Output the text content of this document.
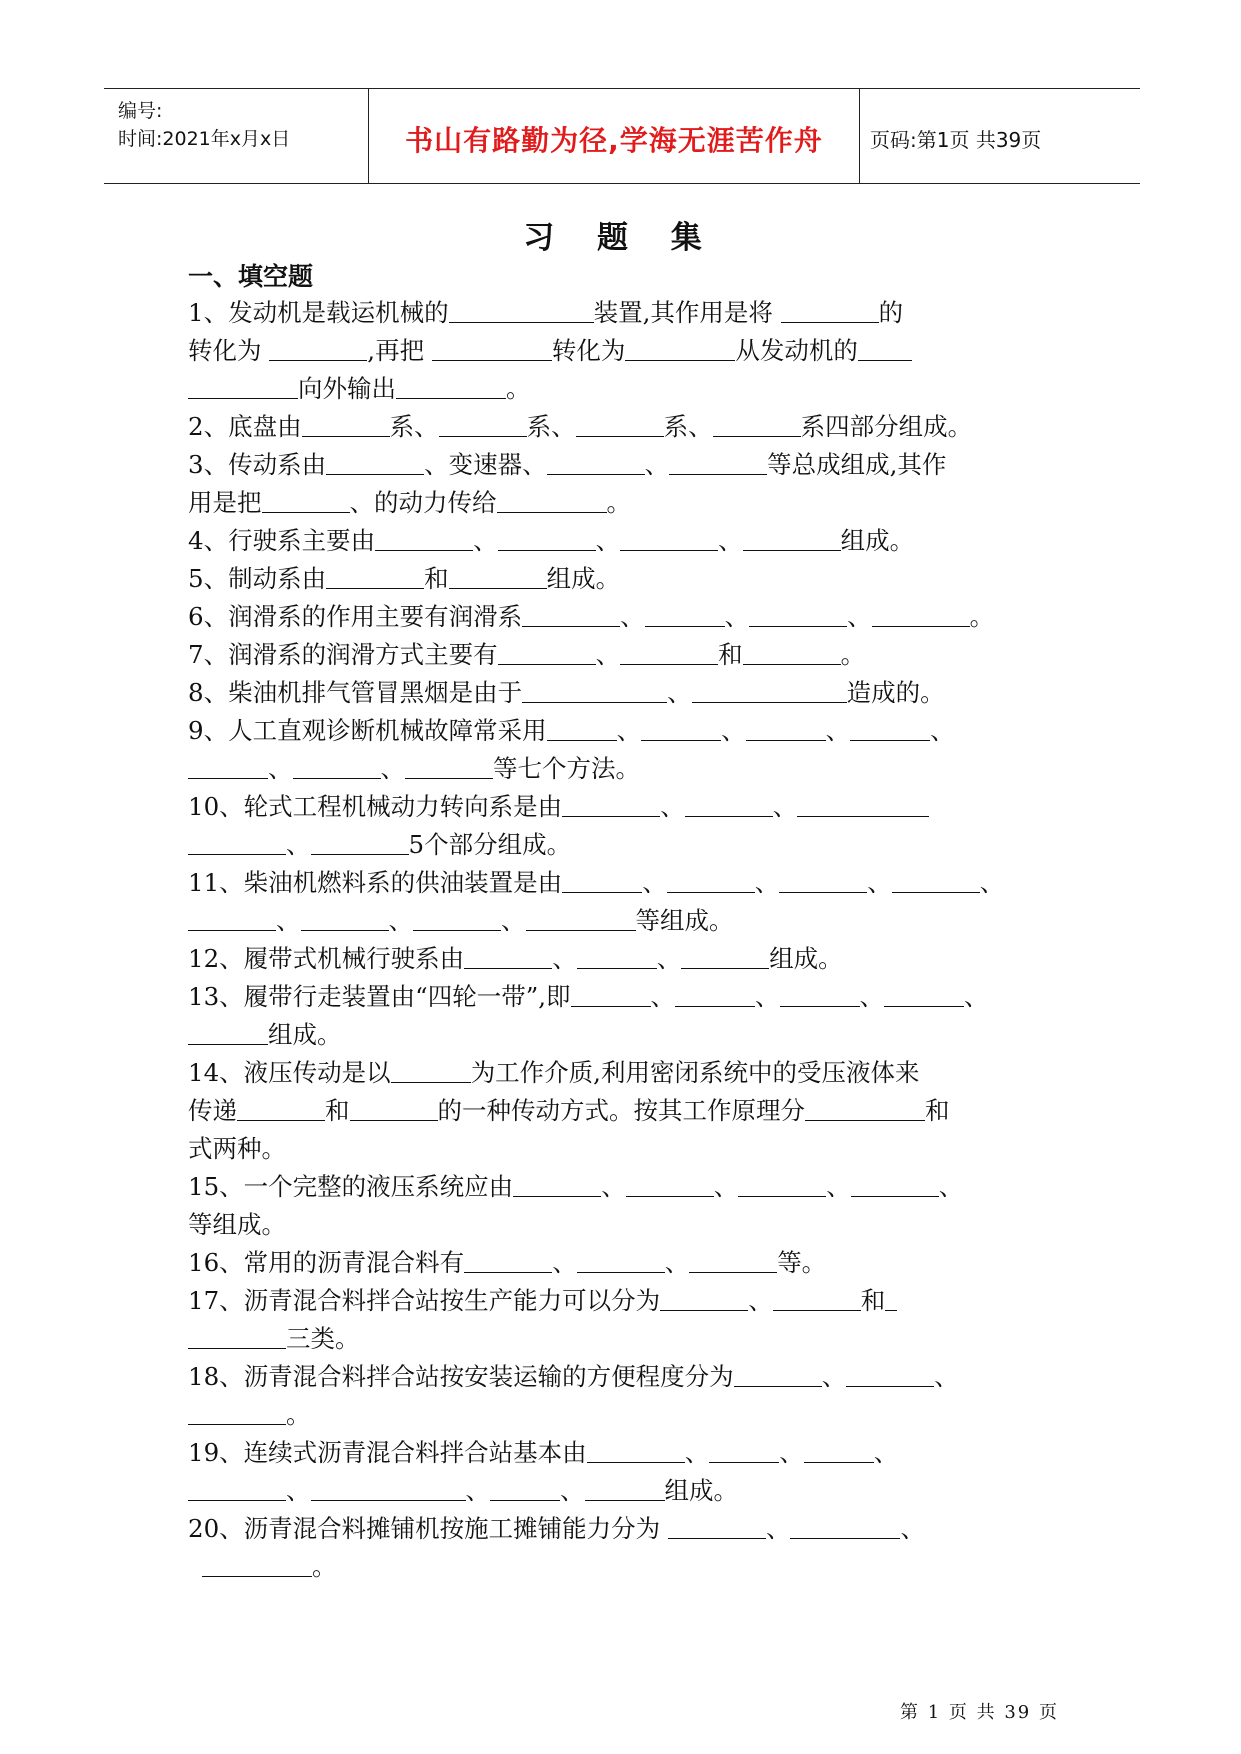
编号:
时间:2021年x月x日	书山有路勤为径,学海无涯苦作舟	页码:第1页 共39页
习 题 集
一、填空题
1、发动机是载运机械的	装置,其作用是将	的
转化为	,再把	转化为	从发动机的
向外输出	。
2、底盘由	系、	系、	系、	系四部分组成。
3、传动系由	、变速器、	、	等总成组成,其作
用是把	、的动力传给	。
4、行驶系主要由	、	、	、	组成。
5、制动系由	和	组成。
6、润滑系的作用主要有润滑系	、	、	、	。
7、润滑系的润滑方式主要有	、	和	。
8、柴油机排气管冒黑烟是由于	、	造成的。
9、人工直观诊断机械故障常采用	、	、	、	、
、	、	等七个方法。
10、轮式工程机械动力转向系是由	、	、
、	5个部分组成。
11、柴油机燃料系的供油装置是由	、	、	、	、
、	、	、	等组成。
12、履带式机械行驶系由	、	、	组成。
13、履带行走装置由“四轮一带”,即	、	、	、	、
组成。
14、液压传动是以	为工作介质,利用密闭系统中的受压液体来
传递	和	的一种传动方式。按其工作原理分	和
式两种。
15、一个完整的液压系统应由	、	、	、	、
等组成。
16、常用的沥青混合料有	、	、	等。
17、沥青混合料拌合站按生产能力可以分为	、	和
三类。
18、沥青混合料拌合站按安装运输的方便程度分为	、	、
。
19、连续式沥青混合料拌合站基本由	、	、	、
、	、	、	组成。
20、沥青混合料摊铺机按施工摊铺能力分为	、	、
。
第 1 页 共 39 页
